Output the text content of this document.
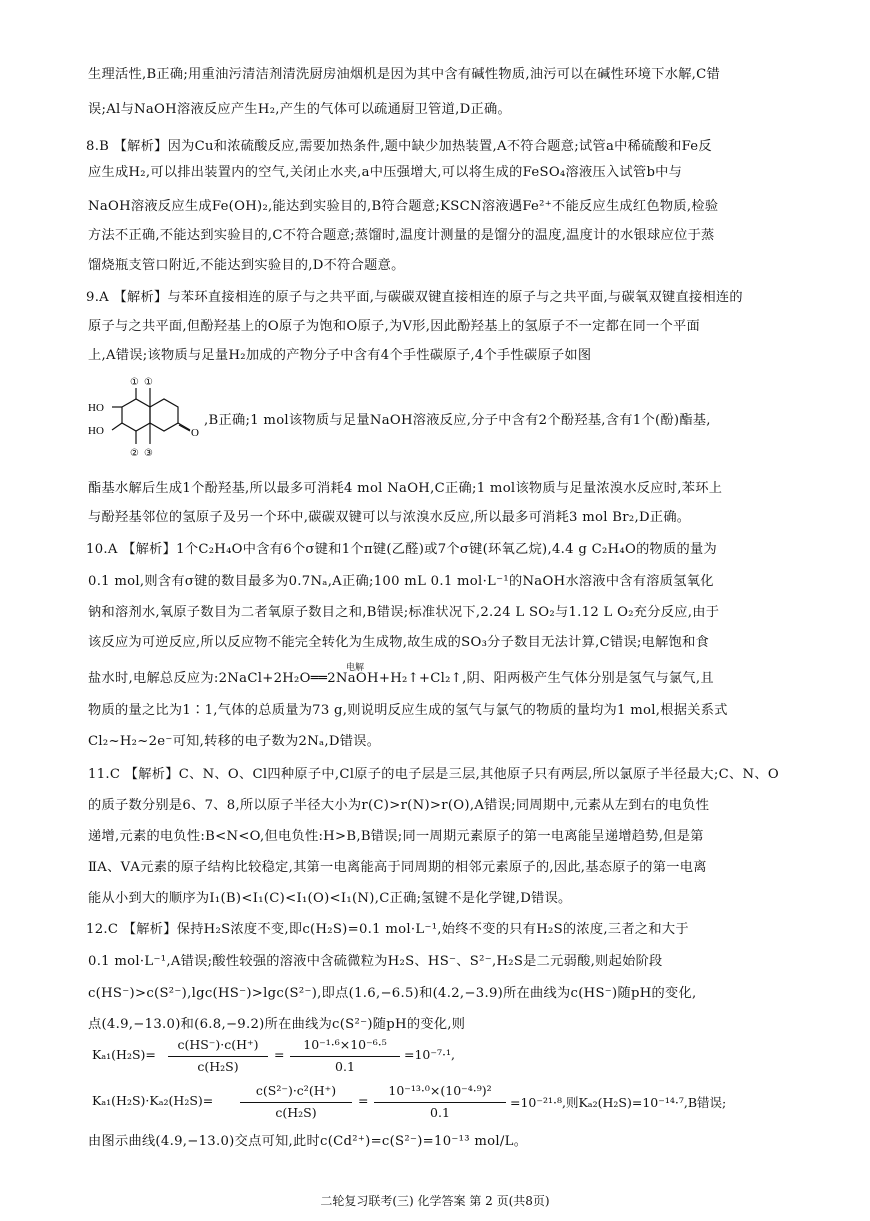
生理活性,B正确;用重油污清洁剂清洗厨房油烟机是因为其中含有碱性物质,油污可以在碱性环境下水解,C错
误;Al与NaOH溶液反应产生H₂,产生的气体可以疏通厨卫管道,D正确。
8.B 【解析】因为Cu和浓硫酸反应,需要加热条件,题中缺少加热装置,A不符合题意;试管a中稀硫酸和Fe反
应生成H₂,可以排出装置内的空气,关闭止水夹,a中压强增大,可以将生成的FeSO₄溶液压入试管b中与
NaOH溶液反应生成Fe(OH)₂,能达到实验目的,B符合题意;KSCN溶液遇Fe²⁺不能反应生成红色物质,检验
方法不正确,不能达到实验目的,C不符合题意;蒸馏时,温度计测量的是馏分的温度,温度计的水银球应位于蒸
馏烧瓶支管口附近,不能达到实验目的,D不符合题意。
9.A 【解析】与苯环直接相连的原子与之共平面,与碳碳双键直接相连的原子与之共平面,与碳氧双键直接相连的
原子与之共平面,但酚羟基上的O原子为饱和O原子,为V形,因此酚羟基上的氢原子不一定都在同一个平面
上,A错误;该物质与足量H₂加成的产物分子中含有4个手性碳原子,4个手性碳原子如图
HO
HO	O
① ①
② ③
,B正确;1 mol该物质与足量NaOH溶液反应,分子中含有2个酚羟基,含有1个(酚)酯基,
酯基水解后生成1个酚羟基,所以最多可消耗4 mol NaOH,C正确;1 mol该物质与足量浓溴水反应时,苯环上
与酚羟基邻位的氢原子及另一个环中,碳碳双键可以与浓溴水反应,所以最多可消耗3 mol Br₂,D正确。
10.A 【解析】1个C₂H₄O中含有6个σ键和1个π键(乙醛)或7个σ键(环氧乙烷),4.4 g C₂H₄O的物质的量为
0.1 mol,则含有σ键的数目最多为0.7Nₐ,A正确;100 mL 0.1 mol·L⁻¹的NaOH水溶液中含有溶质氢氧化
钠和溶剂水,氧原子数目为二者氧原子数目之和,B错误;标准状况下,2.24 L SO₂与1.12 L O₂充分反应,由于
该反应为可逆反应,所以反应物不能完全转化为生成物,故生成的SO₃分子数目无法计算,C错误;电解饱和食
电解
盐水时,电解总反应为:2NaCl+2H₂O══2NaOH+H₂↑+Cl₂↑,阴、阳两极产生气体分别是氢气与氯气,且
物质的量之比为1∶1,气体的总质量为73 g,则说明反应生成的氢气与氯气的物质的量均为1 mol,根据关系式
Cl₂~H₂~2e⁻可知,转移的电子数为2Nₐ,D错误。
11.C 【解析】C、N、O、Cl四种原子中,Cl原子的电子层是三层,其他原子只有两层,所以氯原子半径最大;C、N、O
的质子数分别是6、7、8,所以原子半径大小为r(C)>r(N)>r(O),A错误;同周期中,元素从左到右的电负性
递增,元素的电负性:B<N<O,但电负性:H>B,B错误;同一周期元素原子的第一电离能呈递增趋势,但是第
ⅡA、ⅤA元素的原子结构比较稳定,其第一电离能高于同周期的相邻元素原子的,因此,基态原子的第一电离
能从小到大的顺序为I₁(B)<I₁(C)<I₁(O)<I₁(N),C正确;氢键不是化学键,D错误。
12.C 【解析】保持H₂S浓度不变,即c(H₂S)=0.1 mol·L⁻¹,始终不变的只有H₂S的浓度,三者之和大于
0.1 mol·L⁻¹,A错误;酸性较强的溶液中含硫微粒为H₂S、HS⁻、S²⁻,H₂S是二元弱酸,则起始阶段
c(HS⁻)>c(S²⁻),lgc(HS⁻)>lgc(S²⁻),即点(1.6,−6.5)和(4.2,−3.9)所在曲线为c(HS⁻)随pH的变化,
点(4.9,−13.0)和(6.8,−9.2)所在曲线为c(S²⁻)随pH的变化,则
Kₐ₁(H₂S)=
c(HS⁻)·c(H⁺)
c(H₂S)
=
10⁻¹·⁶×10⁻⁶·⁵
0.1
=10⁻⁷·¹,
Kₐ₁(H₂S)·Kₐ₂(H₂S)=
c(S²⁻)·c²(H⁺)
c(H₂S)
=
10⁻¹³·⁰×(10⁻⁴·⁹)²
0.1
=10⁻²¹·⁸,则Kₐ₂(H₂S)=10⁻¹⁴·⁷,B错误;
由图示曲线(4.9,−13.0)交点可知,此时c(Cd²⁺)=c(S²⁻)=10⁻¹³ mol/L。
二轮复习联考(三) 化学答案 第 2 页(共8页)
